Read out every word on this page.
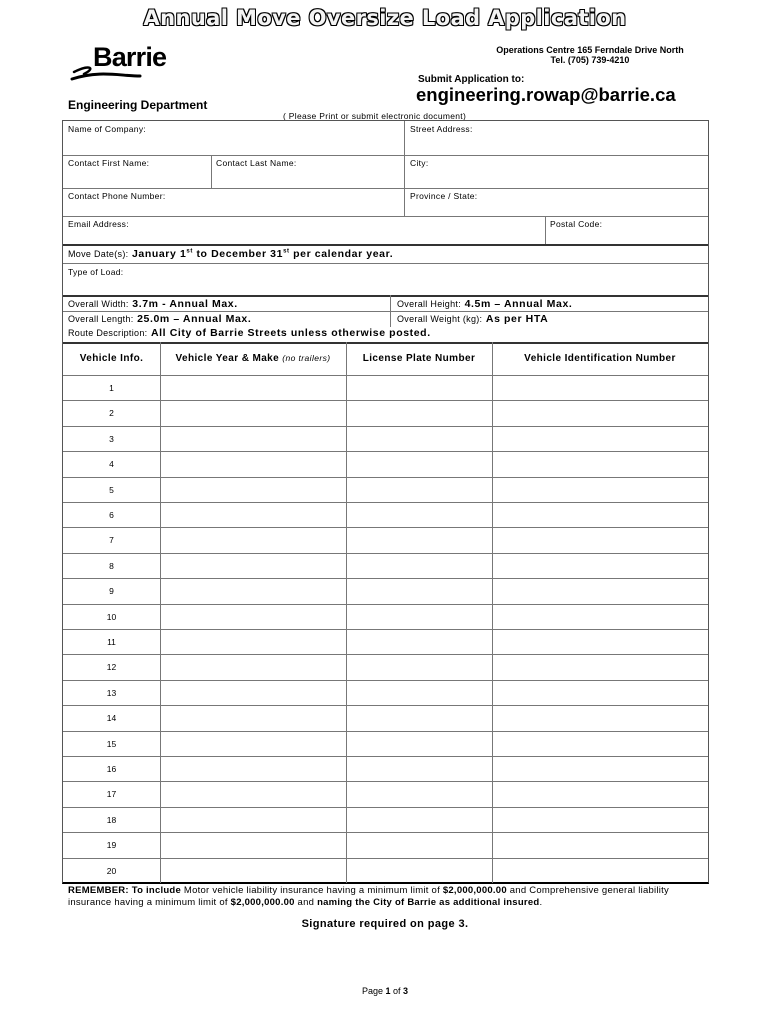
Annual Move Oversize Load Application
Barrie	Operations Centre 165 Ferndale Drive North
Tel. (705) 739-4210
Submit Application to:
engineering.rowap@barrie.ca
Engineering Department
( Please Print or submit electronic document)
Name of Company:	Street Address:
Contact First Name:	Contact Last Name:	City:
Contact Phone Number:	Province / State:
Email Address:	Postal Code:
Move Date(s): January 1st to December 31st per calendar year.
Type of Load:
Overall Width: 3.7m - Annual Max.	Overall Height: 4.5m – Annual Max.
Overall Length: 25.0m – Annual Max.	Overall Weight (kg): As per HTA
Route Description: All City of Barrie Streets unless otherwise posted.
Vehicle Info.	Vehicle Year & Make (no trailers)	License Plate Number	Vehicle Identification Number
1
2
3
4
5
6
7
8
9
10
11
12
13
14
15
16
17
18
19
20
REMEMBER: To include Motor vehicle liability insurance having a minimum limit of $2,000,000.00 and Comprehensive general liability insurance having a minimum limit of $2,000,000.00 and naming the City of Barrie as additional insured.
Signature required on page 3.
Page 1 of 3
